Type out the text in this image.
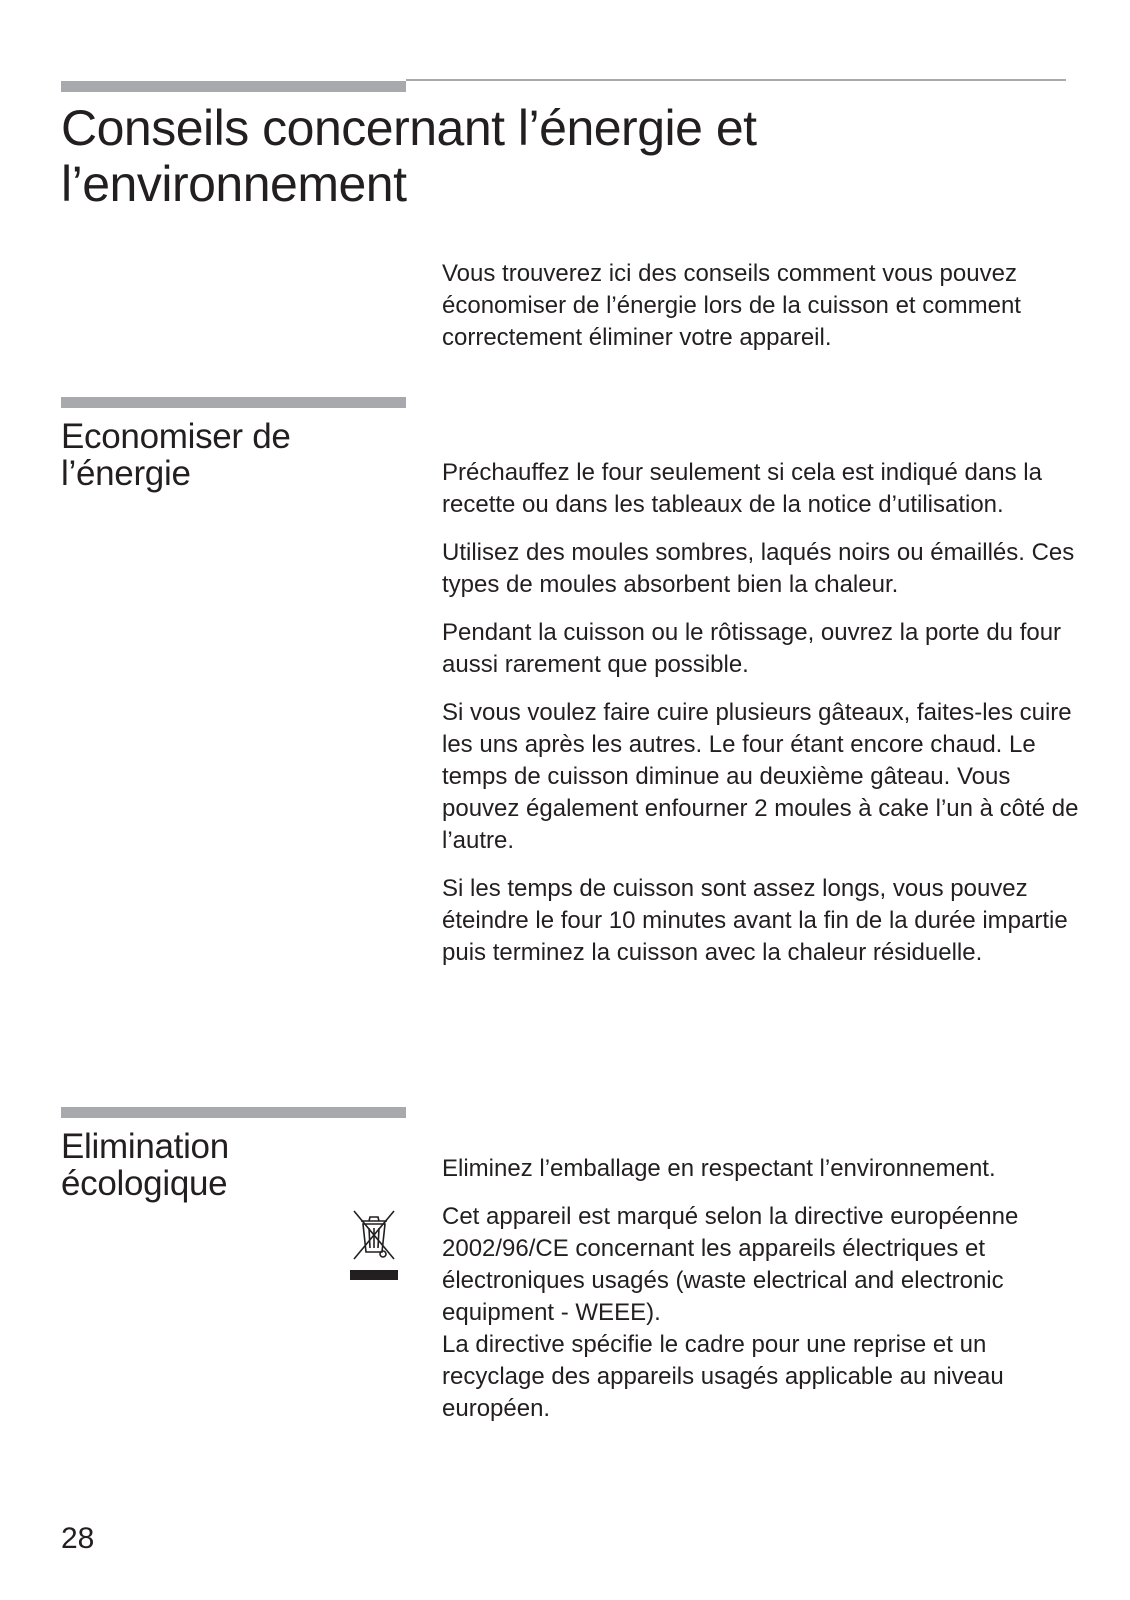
Conseils concernant l’énergie et l’environnement

Vous trouverez ici des conseils comment vous pouvez économiser de l’énergie lors de la cuisson et comment correctement éliminer votre appareil.

Economiser de l’énergie	Préchauffez le four seulement si cela est indiqué dans la recette ou dans les tableaux de la notice d’utilisation.

Utilisez des moules sombres, laqués noirs ou émaillés. Ces types de moules absorbent bien la chaleur.

Pendant la cuisson ou le rôtissage, ouvrez la porte du four aussi rarement que possible.

Si vous voulez faire cuire plusieurs gâteaux, faites-les cuire les uns après les autres. Le four étant encore chaud. Le temps de cuisson diminue au deuxième gâteau. Vous pouvez également enfourner 2 moules à cake l’un à côté de l’autre.

Si les temps de cuisson sont assez longs, vous pouvez éteindre le four 10 minutes avant la fin de la durée impartie puis terminez la cuisson avec la chaleur résiduelle.

Elimination écologique	Eliminez l’emballage en respectant l’environnement.

Cet appareil est marqué selon la directive européenne 2002/96/CE concernant les appareils électriques et électroniques usagés (waste electrical and electronic equipment - WEEE).

La directive spécifie le cadre pour une reprise et un recyclage des appareils usagés applicable au niveau européen.

28
